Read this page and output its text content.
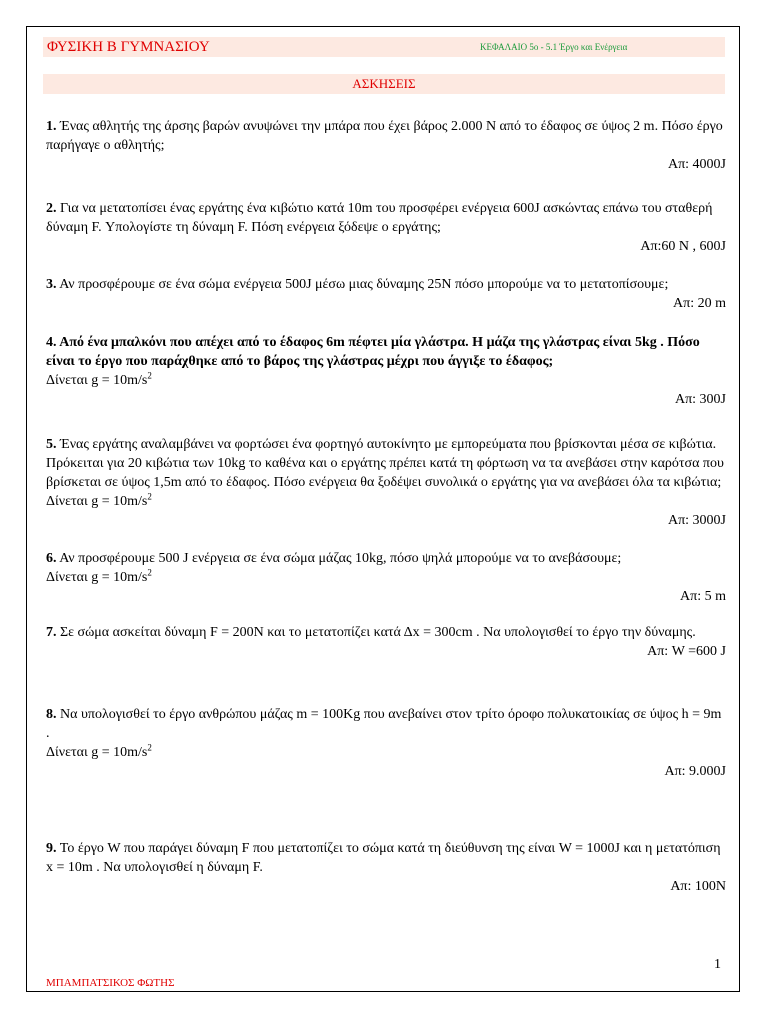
ΦΥΣΙΚΗ Β ΓΥΜΝΑΣΙΟΥ	ΚΕΦΑΛΑΙΟ 5ο - 5.1 Έργο και Ενέργεια
ΑΣΚΗΣΕΙΣ

1. Ένας αθλητής της άρσης βαρών ανυψώνει την μπάρα που έχει βάρος 2.000 Ν από το έδαφος σε ύψος 2 m. Πόσο έργο παρήγαγε ο αθλητής;

Απ: 4000J

2. Για να μετατοπίσει ένας εργάτης ένα κιβώτιο κατά 10m του προσφέρει ενέργεια 600J ασκώντας επάνω του σταθερή δύναμη F. Υπολογίστε τη δύναμη F. Πόση ενέργεια ξόδεψε ο εργάτης;

Απ:60 Ν , 600J

3. Αν προσφέρουμε σε ένα σώμα ενέργεια 500J μέσω μιας δύναμης 25Ν πόσο μπορούμε να το μετατοπίσουμε;

Απ: 20 m

4. Από ένα μπαλκόνι που απέχει από το έδαφος 6m πέφτει μία γλάστρα. Η μάζα της γλάστρας είναι 5kg . Πόσο είναι το έργο που παράχθηκε από το βάρος της γλάστρας μέχρι που άγγιξε το έδαφος;

Δίνεται $g = 10m/s^2$

Απ: 300J

5. Ένας εργάτης αναλαμβάνει να φορτώσει ένα φορτηγό αυτοκίνητο με εμπορεύματα που βρίσκονται μέσα σε κιβώτια. Πρόκειται για 20 κιβώτια των 10kg το καθένα και ο εργάτης πρέπει κατά τη φόρτωση να τα ανεβάσει στην καρότσα που βρίσκεται σε ύψος 1,5m από το έδαφος. Πόσο ενέργεια θα ξοδέψει συνολικά ο εργάτης για να ανεβάσει όλα τα κιβώτια; Δίνεται $g = 10m/s^2$

Απ: 3000J

6. Αν προσφέρουμε 500 J ενέργεια σε ένα σώμα μάζας 10kg, πόσο ψηλά μπορούμε να το ανεβάσουμε;

Δίνεται $g = 10m/s^2$

Απ: 5 m

7. Σε σώμα ασκείται δύναμη F = 200N και το μετατοπίζει κατά Δx = 300cm . Να υπολογισθεί το έργο την δύναμης.

Απ: W =600 J

8. Να υπολογισθεί το έργο ανθρώπου μάζας m = 100Kg που ανεβαίνει στον τρίτο όροφο πολυκατοικίας σε ύψος h = 9m .

Δίνεται $g = 10m/s^2$

Απ: 9.000J

9. Το έργο W που παράγει δύναμη F που μετατοπίζει το σώμα κατά τη διεύθυνση της είναι W = 1000J και η μετατόπιση x = 10m . Να υπολογισθεί η δύναμη F.

Απ: 100N
1
ΜΠΑΜΠΑΤΣΙΚΟΣ ΦΩΤΗΣ
